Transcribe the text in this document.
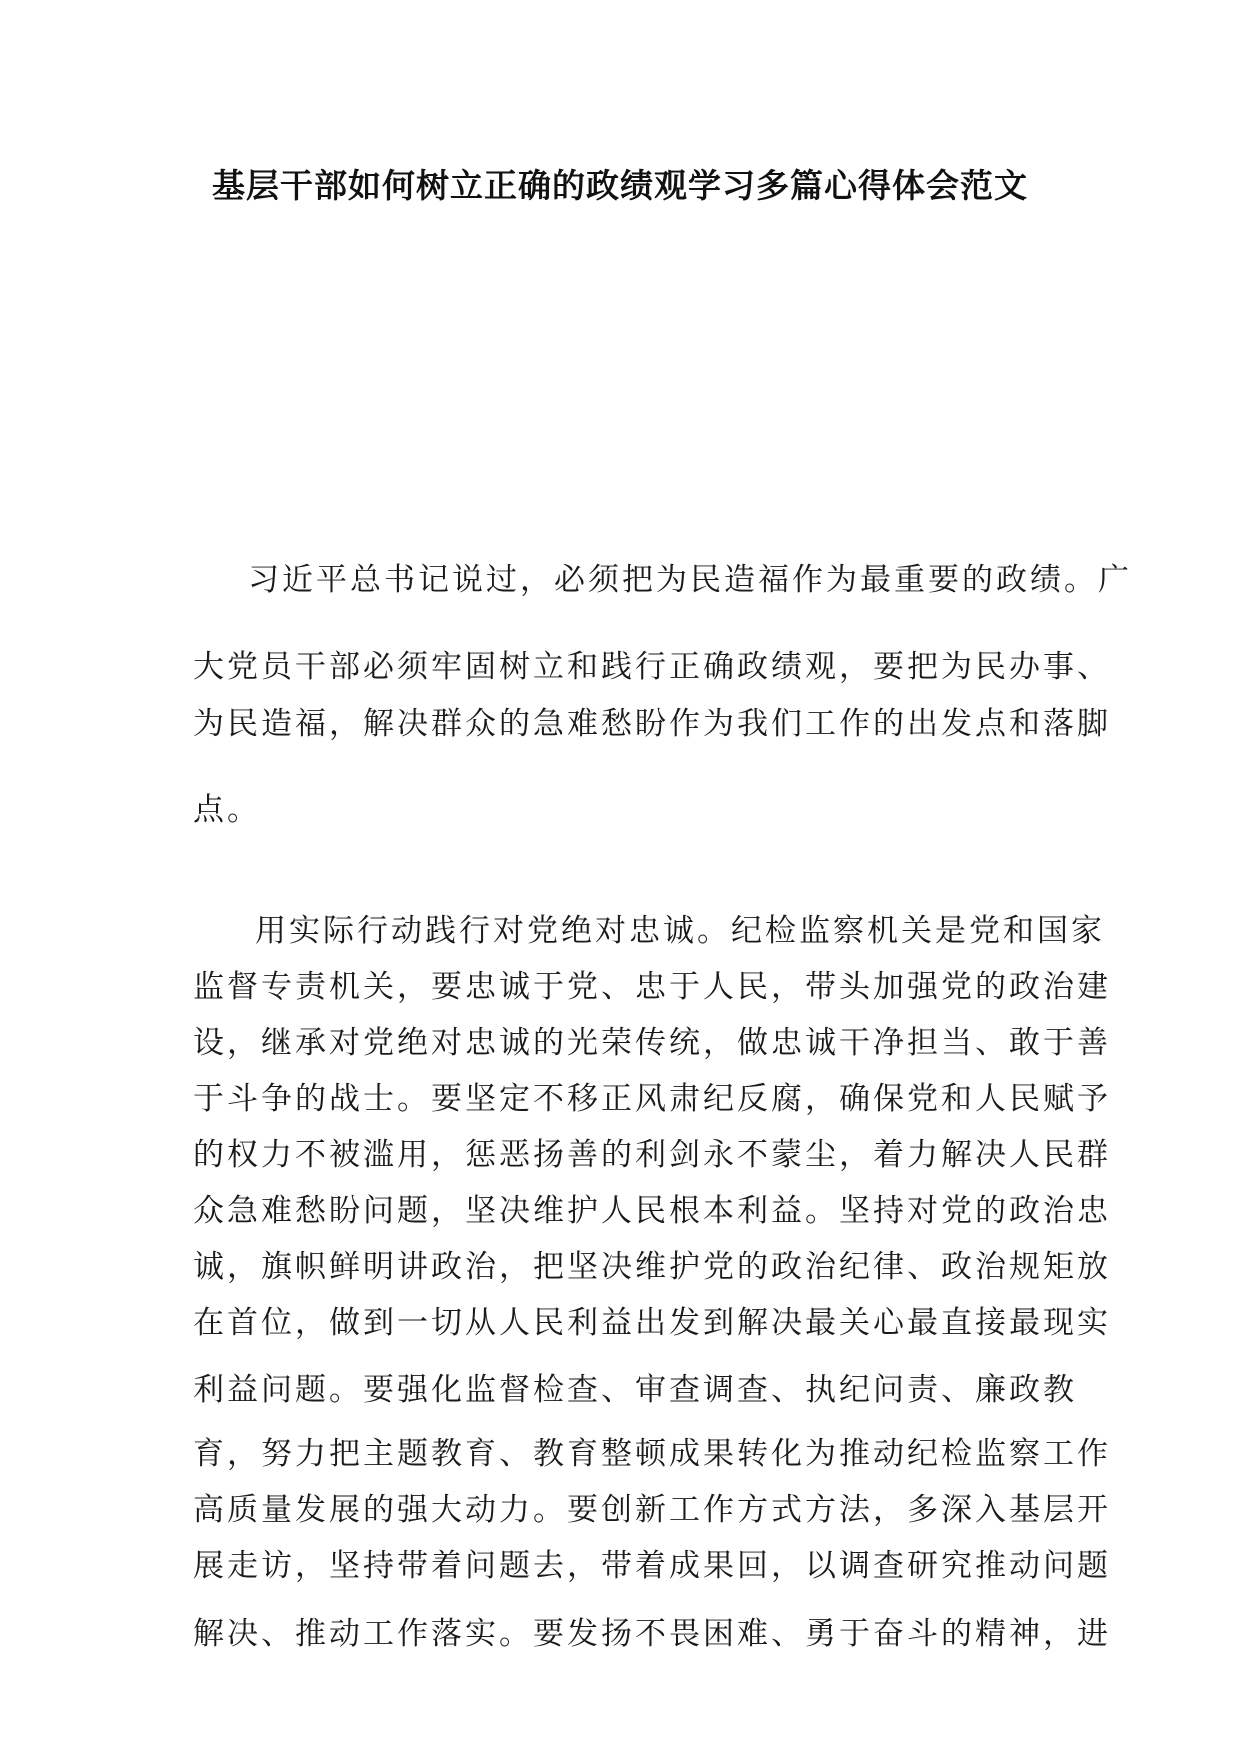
基层干部如何树立正确的政绩观学习多篇心得体会范文

习近平总书记说过，必须把为民造福作为最重要的政绩。广

大党员干部必须牢固树立和践行正确政绩观，要把为民办事、

为民造福，解决群众的急难愁盼作为我们工作的出发点和落脚

点。

用实际行动践行对党绝对忠诚。纪检监察机关是党和国家

监督专责机关，要忠诚于党、忠于人民，带头加强党的政治建

设，继承对党绝对忠诚的光荣传统，做忠诚干净担当、敢于善

于斗争的战士。要坚定不移正风肃纪反腐，确保党和人民赋予

的权力不被滥用，惩恶扬善的利剑永不蒙尘，着力解决人民群

众急难愁盼问题，坚决维护人民根本利益。坚持对党的政治忠

诚，旗帜鲜明讲政治，把坚决维护党的政治纪律、政治规矩放

在首位，做到一切从人民利益出发到解决最关心最直接最现实

利益问题。要强化监督检查、审查调查、执纪问责、廉政教

育，努力把主题教育、教育整顿成果转化为推动纪检监察工作

高质量发展的强大动力。要创新工作方式方法，多深入基层开

展走访，坚持带着问题去，带着成果回，以调查研究推动问题

解决、推动工作落实。要发扬不畏困难、勇于奋斗的精神，进
